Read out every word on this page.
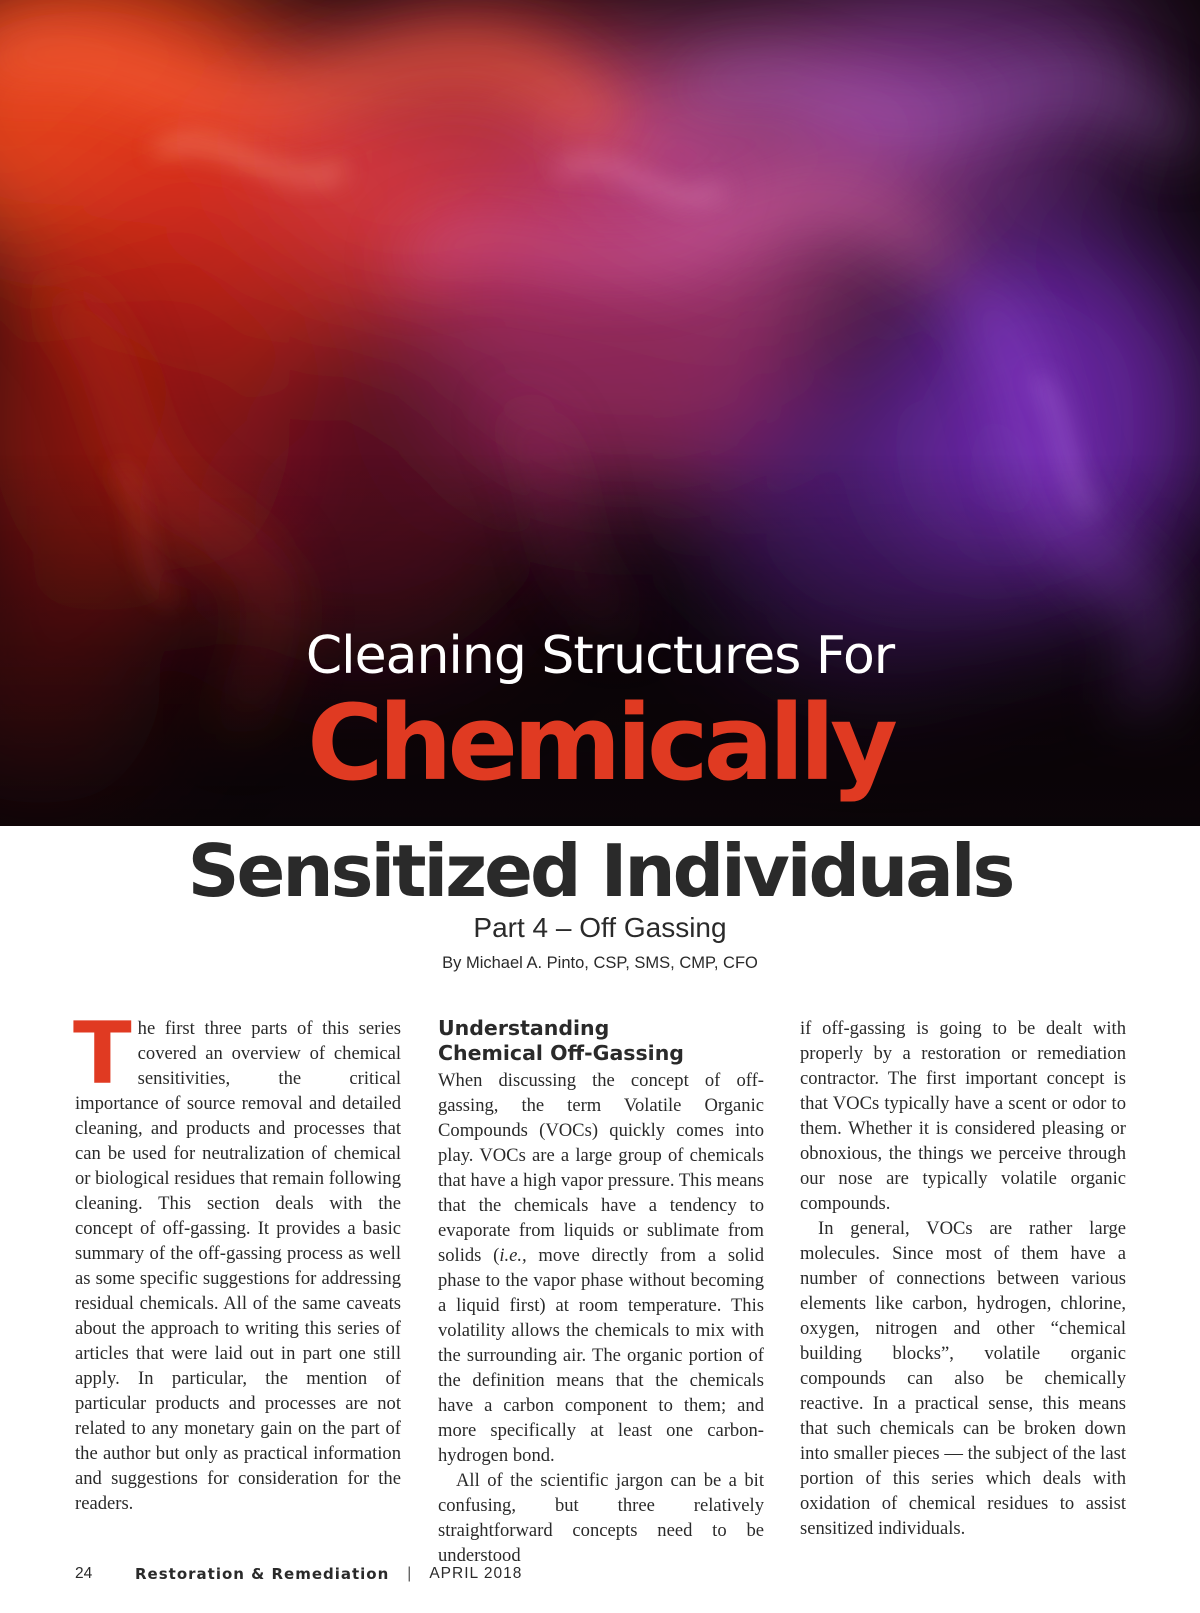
Cleaning Structures For
Chemically
Sensitized Individuals
Part 4 – Off Gassing
By Michael A. Pinto, CSP, SMS, CMP, CFO

The first three parts of this series covered an overview of chemical sensitivities, the critical importance of source removal and detailed cleaning, and products and processes that can be used for neutralization of chemical or biological residues that remain following cleaning. This section deals with the concept of off-gassing. It provides a basic summary of the off-gassing process as well as some specific suggestions for addressing residual chemicals. All of the same caveats about the approach to writing this series of articles that were laid out in part one still apply. In particular, the mention of particular products and processes are not related to any monetary gain on the part of the author but only as practical information and suggestions for consideration for the readers.

Understanding
Chemical Off-Gassing

When discussing the concept of off-gassing, the term Volatile Organic Compounds (VOCs) quickly comes into play. VOCs are a large group of chemicals that have a high vapor pressure. This means that the chemicals have a tendency to evaporate from liquids or sublimate from solids (i.e., move directly from a solid phase to the vapor phase without becoming a liquid first) at room temperature. This volatility allows the chemicals to mix with the surrounding air. The organic portion of the definition means that the chemicals have a carbon component to them; and more specifically at least one carbon-hydrogen bond.

All of the scientific jargon can be a bit confusing, but three relatively straightforward concepts need to be understood

if off-gassing is going to be dealt with properly by a restoration or remediation contractor. The first important concept is that VOCs typically have a scent or odor to them. Whether it is considered pleasing or obnoxious, the things we perceive through our nose are typically volatile organic compounds.

In general, VOCs are rather large molecules. Since most of them have a number of connections between various elements like carbon, hydrogen, chlorine, oxygen, nitrogen and other “chemical building blocks”, volatile organic compounds can also be chemically reactive. In a practical sense, this means that such chemicals can be broken down into smaller pieces — the subject of the last portion of this series which deals with oxidation of chemical residues to assist sensitized individuals.

24	Restoration & Remediation | APRIL 2018
